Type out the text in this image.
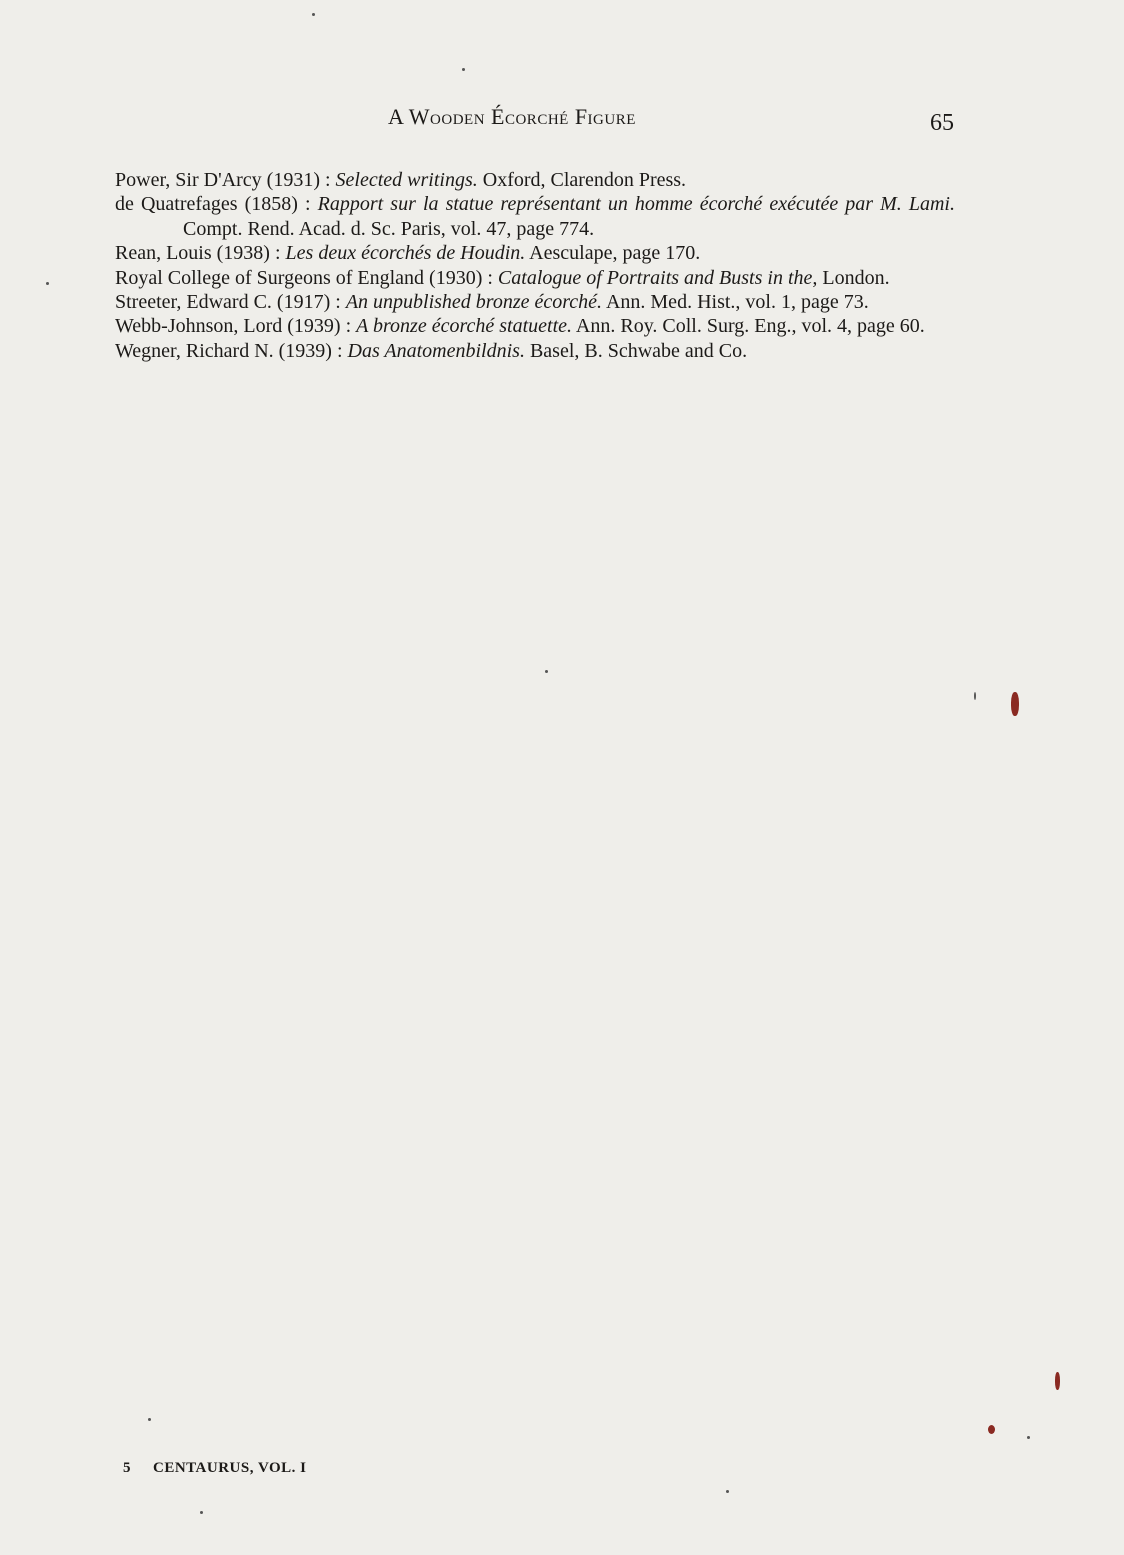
A Wooden Écorché Figure	65

Power, Sir D'Arcy (1931) : Selected writings. Oxford, Clarendon Press.

de Quatrefages (1858) : Rapport sur la statue représentant un homme écorché exécutée par M. Lami. Compt. Rend. Acad. d. Sc. Paris, vol. 47, page 774.

Rean, Louis (1938) : Les deux écorchés de Houdin. Aesculape, page 170.

Royal College of Surgeons of England (1930) : Catalogue of Portraits and Busts in the, London.

Streeter, Edward C. (1917) : An unpublished bronze écorché. Ann. Med. Hist., vol. 1, page 73.

Webb-Johnson, Lord (1939) : A bronze écorché statuette. Ann. Roy. Coll. Surg. Eng., vol. 4, page 60.

Wegner, Richard N. (1939) : Das Anatomenbildnis. Basel, B. Schwabe and Co.

5 CENTAURUS, VOL. I
